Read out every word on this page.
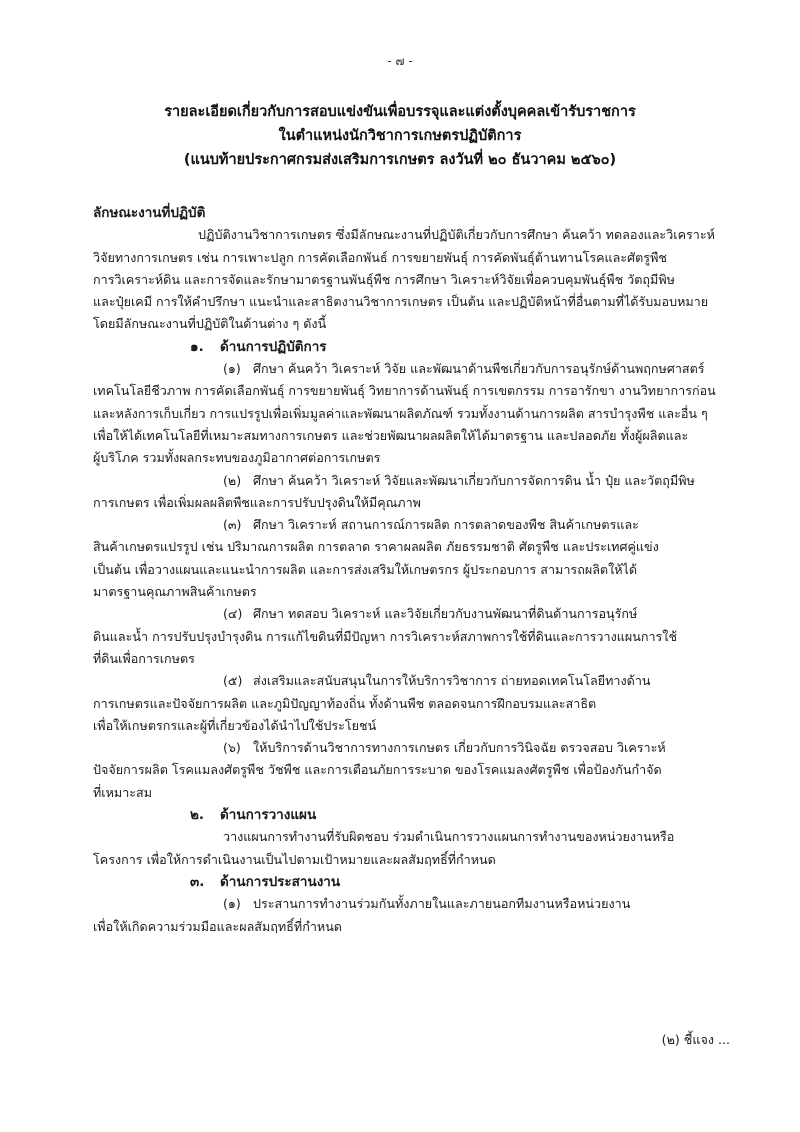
- ๗ -
รายละเอียดเกี่ยวกับการสอบแข่งขันเพื่อบรรจุและแต่งตั้งบุคคลเข้ารับราชการ
ในตำแหน่งนักวิชาการเกษตรปฏิบัติการ
(แนบท้ายประกาศกรมส่งเสริมการเกษตร ลงวันที่ ๒๐ ธันวาคม ๒๕๖๐)
ลักษณะงานที่ปฏิบัติ
ปฏิบัติงานวิชาการเกษตร ซึ่งมีลักษณะงานที่ปฏิบัติเกี่ยวกับการศึกษา ค้นคว้า ทดลองและวิเคราะห์
วิจัยทางการเกษตร เช่น การเพาะปลูก การคัดเลือกพันธ์ การขยายพันธุ์ การคัดพันธุ์ต้านทานโรคและศัตรูพืช
การวิเคราะห์ดิน และการจัดและรักษามาตรฐานพันธุ์พืช การศึกษา วิเคราะห์วิจัยเพื่อควบคุมพันธุ์พืช วัตถุมีพิษ
และปุ๋ยเคมี การให้คำปรึกษา แนะนำและสาธิตงานวิชาการเกษตร เป็นต้น และปฏิบัติหน้าที่อื่นตามที่ได้รับมอบหมาย
โดยมีลักษณะงานที่ปฏิบัติในด้านต่าง ๆ ดังนี้
๑. ด้านการปฏิบัติการ
(๑) ศึกษา ค้นคว้า วิเคราะห์ วิจัย และพัฒนาด้านพืชเกี่ยวกับการอนุรักษ์ด้านพฤกษศาสตร์
เทคโนโลยีชีวภาพ การคัดเลือกพันธุ์ การขยายพันธุ์ วิทยาการด้านพันธุ์ การเขตกรรม การอารักขา งานวิทยาการก่อน
และหลังการเก็บเกี่ยว การแปรรูปเพื่อเพิ่มมูลค่าและพัฒนาผลิตภัณฑ์ รวมทั้งงานด้านการผลิต สารบำรุงพืช และอื่น ๆ
เพื่อให้ได้เทคโนโลยีที่เหมาะสมทางการเกษตร และช่วยพัฒนาผลผลิตให้ได้มาตรฐาน และปลอดภัย ทั้งผู้ผลิตและ
ผู้บริโภค รวมทั้งผลกระทบของภูมิอากาศต่อการเกษตร
(๒) ศึกษา ค้นคว้า วิเคราะห์ วิจัยและพัฒนาเกี่ยวกับการจัดการดิน น้ำ ปุ๋ย และวัตถุมีพิษ
การเกษตร เพื่อเพิ่มผลผลิตพืชและการปรับปรุงดินให้มีคุณภาพ
(๓) ศึกษา วิเคราะห์ สถานการณ์การผลิต การตลาดของพืช สินค้าเกษตรและ
สินค้าเกษตรแปรรูป เช่น ปริมาณการผลิต การตลาด ราคาผลผลิต ภัยธรรมชาติ ศัตรูพืช และประเทศคู่แข่ง
เป็นต้น เพื่อวางแผนและแนะนำการผลิต และการส่งเสริมให้เกษตรกร ผู้ประกอบการ สามารถผลิตให้ได้
มาตรฐานคุณภาพสินค้าเกษตร
(๔) ศึกษา ทดสอบ วิเคราะห์ และวิจัยเกี่ยวกับงานพัฒนาที่ดินด้านการอนุรักษ์
ดินและน้ำ การปรับปรุงบำรุงดิน การแก้ไขดินที่มีปัญหา การวิเคราะห์สภาพการใช้ที่ดินและการวางแผนการใช้
ที่ดินเพื่อการเกษตร
(๕) ส่งเสริมและสนับสนุนในการให้บริการวิชาการ ถ่ายทอดเทคโนโลยีทางด้าน
การเกษตรและปัจจัยการผลิต และภูมิปัญญาท้องถิ่น ทั้งด้านพืช ตลอดจนการฝึกอบรมและสาธิต
เพื่อให้เกษตรกรและผู้ที่เกี่ยวข้องได้นำไปใช้ประโยชน์
(๖) ให้บริการด้านวิชาการทางการเกษตร เกี่ยวกับการวินิจฉัย ตรวจสอบ วิเคราะห์
ปัจจัยการผลิต โรคแมลงศัตรูพืช วัชพืช และการเตือนภัยการระบาด ของโรคแมลงศัตรูพืช เพื่อป้องกันกำจัด
ที่เหมาะสม
๒. ด้านการวางแผน
วางแผนการทำงานที่รับผิดชอบ ร่วมดำเนินการวางแผนการทำงานของหน่วยงานหรือ
โครงการ เพื่อให้การดำเนินงานเป็นไปตามเป้าหมายและผลสัมฤทธิ์ที่กำหนด
๓. ด้านการประสานงาน
(๑) ประสานการทำงานร่วมกันทั้งภายในและภายนอกทีมงานหรือหน่วยงาน
เพื่อให้เกิดความร่วมมือและผลสัมฤทธิ์ที่กำหนด
(๒) ชี้แจง ...
